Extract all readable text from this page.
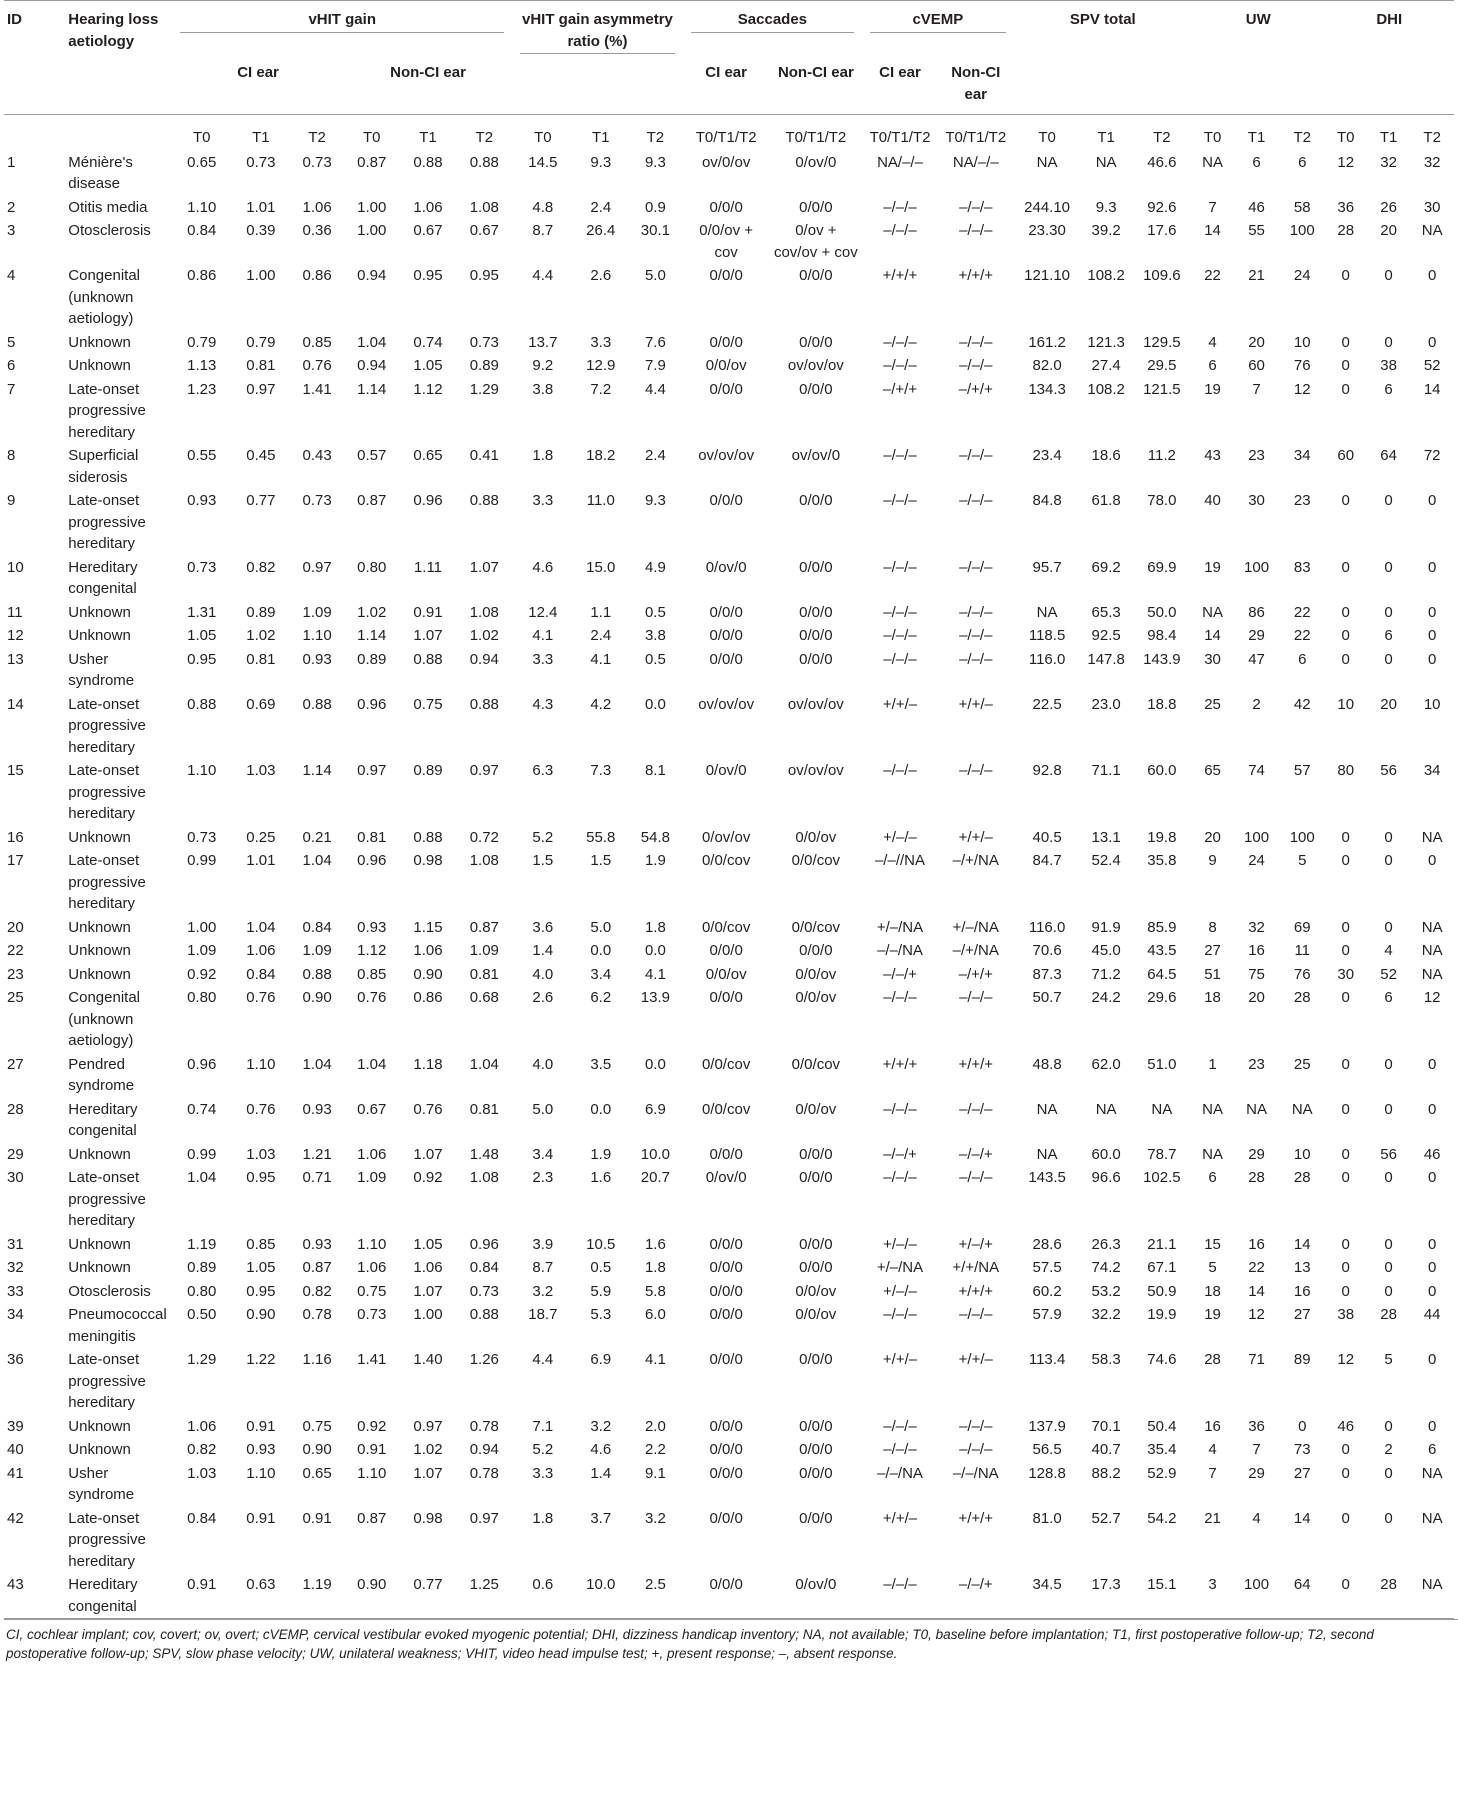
ID	Hearing loss aetiology	vHIT gain						vHIT gain asymmetry ratio (%)			Saccades		cVEMP		SPV total			UW			DHI		
		CI ear			Non-CI ear						CI ear	Non-CI ear	CI ear	Non-CI ear									
		T0	T1	T2	T0	T1	T2	T0	T1	T2	T0/T1/T2	T0/T1/T2	T0/T1/T2	T0/T1/T2	T0	T1	T2	T0	T1	T2	T0	T1	T2
1	Ménière's disease	0.65	0.73	0.73	0.87	0.88	0.88	14.5	9.3	9.3	ov/0/ov	0/ov/0	NA/–/–	NA/–/–	NA	NA	46.6	NA	6	6	12	32	32
2	Otitis media	1.10	1.01	1.06	1.00	1.06	1.08	4.8	2.4	0.9	0/0/0	0/0/0	–/–/–	–/–/–	244.10	9.3	92.6	7	46	58	36	26	30
3	Otosclerosis	0.84	0.39	0.36	1.00	0.67	0.67	8.7	26.4	30.1	0/0/ov + cov	0/ov + cov/ov + cov	–/–/–	–/–/–	23.30	39.2	17.6	14	55	100	28	20	NA
4	Congenital (unknown aetiology)	0.86	1.00	0.86	0.94	0.95	0.95	4.4	2.6	5.0	0/0/0	0/0/0	+/+/+	+/+/+	121.10	108.2	109.6	22	21	24	0	0	0
5	Unknown	0.79	0.79	0.85	1.04	0.74	0.73	13.7	3.3	7.6	0/0/0	0/0/0	–/–/–	–/–/–	161.2	121.3	129.5	4	20	10	0	0	0
6	Unknown	1.13	0.81	0.76	0.94	1.05	0.89	9.2	12.9	7.9	0/0/ov	ov/ov/ov	–/–/–	–/–/–	82.0	27.4	29.5	6	60	76	0	38	52
7	Late-onset progressive hereditary	1.23	0.97	1.41	1.14	1.12	1.29	3.8	7.2	4.4	0/0/0	0/0/0	–/+/+	–/+/+	134.3	108.2	121.5	19	7	12	0	6	14
8	Superficial siderosis	0.55	0.45	0.43	0.57	0.65	0.41	1.8	18.2	2.4	ov/ov/ov	ov/ov/0	–/–/–	–/–/–	23.4	18.6	11.2	43	23	34	60	64	72
9	Late-onset progressive hereditary	0.93	0.77	0.73	0.87	0.96	0.88	3.3	11.0	9.3	0/0/0	0/0/0	–/–/–	–/–/–	84.8	61.8	78.0	40	30	23	0	0	0
10	Hereditary congenital	0.73	0.82	0.97	0.80	1.11	1.07	4.6	15.0	4.9	0/ov/0	0/0/0	–/–/–	–/–/–	95.7	69.2	69.9	19	100	83	0	0	0
11	Unknown	1.31	0.89	1.09	1.02	0.91	1.08	12.4	1.1	0.5	0/0/0	0/0/0	–/–/–	–/–/–	NA	65.3	50.0	NA	86	22	0	0	0
12	Unknown	1.05	1.02	1.10	1.14	1.07	1.02	4.1	2.4	3.8	0/0/0	0/0/0	–/–/–	–/–/–	118.5	92.5	98.4	14	29	22	0	6	0
13	Usher syndrome	0.95	0.81	0.93	0.89	0.88	0.94	3.3	4.1	0.5	0/0/0	0/0/0	–/–/–	–/–/–	116.0	147.8	143.9	30	47	6	0	0	0
14	Late-onset progressive hereditary	0.88	0.69	0.88	0.96	0.75	0.88	4.3	4.2	0.0	ov/ov/ov	ov/ov/ov	+/+/–	+/+/–	22.5	23.0	18.8	25	2	42	10	20	10
15	Late-onset progressive hereditary	1.10	1.03	1.14	0.97	0.89	0.97	6.3	7.3	8.1	0/ov/0	ov/ov/ov	–/–/–	–/–/–	92.8	71.1	60.0	65	74	57	80	56	34
16	Unknown	0.73	0.25	0.21	0.81	0.88	0.72	5.2	55.8	54.8	0/ov/ov	0/0/ov	+/–/–	+/+/–	40.5	13.1	19.8	20	100	100	0	0	NA
17	Late-onset progressive hereditary	0.99	1.01	1.04	0.96	0.98	1.08	1.5	1.5	1.9	0/0/cov	0/0/cov	–/–//NA	–/+/NA	84.7	52.4	35.8	9	24	5	0	0	0
20	Unknown	1.00	1.04	0.84	0.93	1.15	0.87	3.6	5.0	1.8	0/0/cov	0/0/cov	+/–/NA	+/–/NA	116.0	91.9	85.9	8	32	69	0	0	NA
22	Unknown	1.09	1.06	1.09	1.12	1.06	1.09	1.4	0.0	0.0	0/0/0	0/0/0	–/–/NA	–/+/NA	70.6	45.0	43.5	27	16	11	0	4	NA
23	Unknown	0.92	0.84	0.88	0.85	0.90	0.81	4.0	3.4	4.1	0/0/ov	0/0/ov	–/–/+	–/+/+	87.3	71.2	64.5	51	75	76	30	52	NA
25	Congenital (unknown aetiology)	0.80	0.76	0.90	0.76	0.86	0.68	2.6	6.2	13.9	0/0/0	0/0/ov	–/–/–	–/–/–	50.7	24.2	29.6	18	20	28	0	6	12
27	Pendred syndrome	0.96	1.10	1.04	1.04	1.18	1.04	4.0	3.5	0.0	0/0/cov	0/0/cov	+/+/+	+/+/+	48.8	62.0	51.0	1	23	25	0	0	0
28	Hereditary congenital	0.74	0.76	0.93	0.67	0.76	0.81	5.0	0.0	6.9	0/0/cov	0/0/ov	–/–/–	–/–/–	NA	NA	NA	NA	NA	NA	0	0	0
29	Unknown	0.99	1.03	1.21	1.06	1.07	1.48	3.4	1.9	10.0	0/0/0	0/0/0	–/–/+	–/–/+	NA	60.0	78.7	NA	29	10	0	56	46
30	Late-onset progressive hereditary	1.04	0.95	0.71	1.09	0.92	1.08	2.3	1.6	20.7	0/ov/0	0/0/0	–/–/–	–/–/–	143.5	96.6	102.5	6	28	28	0	0	0
31	Unknown	1.19	0.85	0.93	1.10	1.05	0.96	3.9	10.5	1.6	0/0/0	0/0/0	+/–/–	+/–/+	28.6	26.3	21.1	15	16	14	0	0	0
32	Unknown	0.89	1.05	0.87	1.06	1.06	0.84	8.7	0.5	1.8	0/0/0	0/0/0	+/–/NA	+/+/NA	57.5	74.2	67.1	5	22	13	0	0	0
33	Otosclerosis	0.80	0.95	0.82	0.75	1.07	0.73	3.2	5.9	5.8	0/0/0	0/0/ov	+/–/–	+/+/+	60.2	53.2	50.9	18	14	16	0	0	0
34	Pneumococcal meningitis	0.50	0.90	0.78	0.73	1.00	0.88	18.7	5.3	6.0	0/0/0	0/0/ov	–/–/–	–/–/–	57.9	32.2	19.9	19	12	27	38	28	44
36	Late-onset progressive hereditary	1.29	1.22	1.16	1.41	1.40	1.26	4.4	6.9	4.1	0/0/0	0/0/0	+/+/–	+/+/–	113.4	58.3	74.6	28	71	89	12	5	0
39	Unknown	1.06	0.91	0.75	0.92	0.97	0.78	7.1	3.2	2.0	0/0/0	0/0/0	–/–/–	–/–/–	137.9	70.1	50.4	16	36	0	46	0	0
40	Unknown	0.82	0.93	0.90	0.91	1.02	0.94	5.2	4.6	2.2	0/0/0	0/0/0	–/–/–	–/–/–	56.5	40.7	35.4	4	7	73	0	2	6
41	Usher syndrome	1.03	1.10	0.65	1.10	1.07	0.78	3.3	1.4	9.1	0/0/0	0/0/0	–/–/NA	–/–/NA	128.8	88.2	52.9	7	29	27	0	0	NA
42	Late-onset progressive hereditary	0.84	0.91	0.91	0.87	0.98	0.97	1.8	3.7	3.2	0/0/0	0/0/0	+/+/–	+/+/+	81.0	52.7	54.2	21	4	14	0	0	NA
43	Hereditary congenital	0.91	0.63	1.19	0.90	0.77	1.25	0.6	10.0	2.5	0/0/0	0/ov/0	–/–/–	–/–/+	34.5	17.3	15.1	3	100	64	0	28	NA
CI, cochlear implant; cov, covert; ov, overt; cVEMP, cervical vestibular evoked myogenic potential; DHI, dizziness handicap inventory; NA, not available; T0, baseline before implantation; T1, first postoperative follow-up; T2, second postoperative follow-up; SPV, slow phase velocity; UW, unilateral weakness; VHIT, video head impulse test; +, present response; –, absent response.
